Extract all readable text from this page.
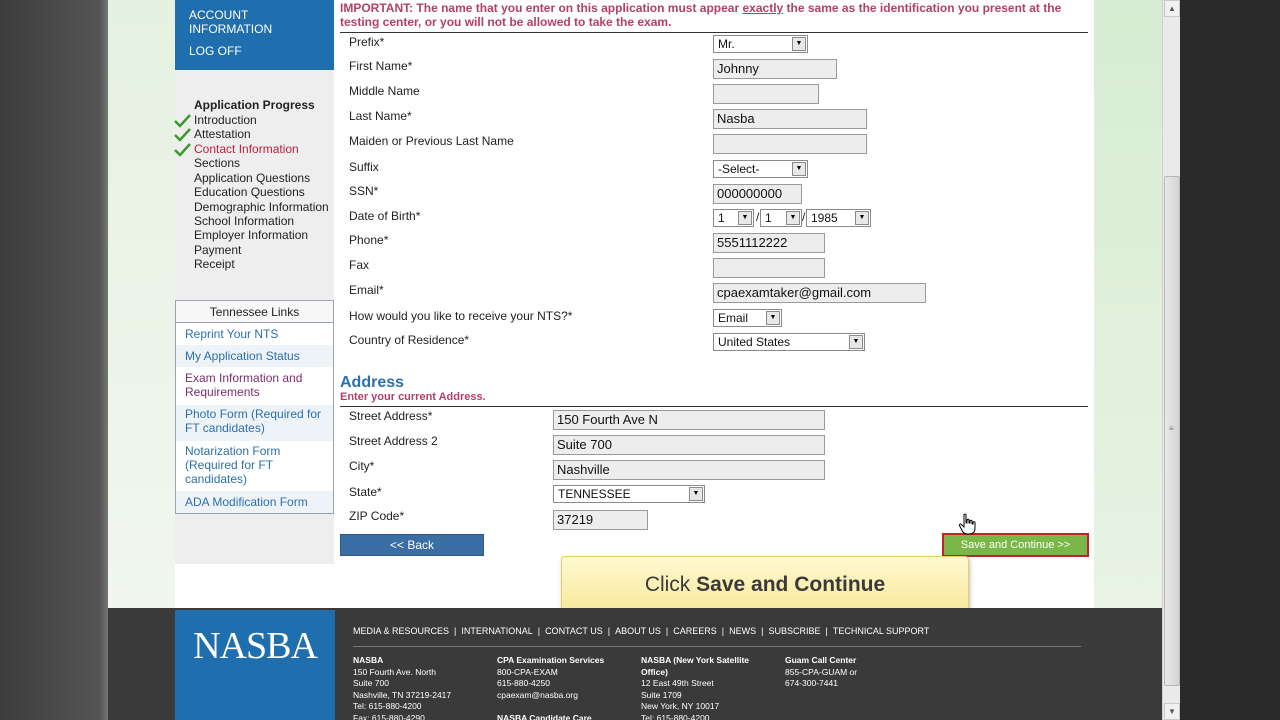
ACCOUNT INFORMATION
LOG OFF
Application Progress
Introduction
Attestation
Contact Information
Sections
Application Questions
Education Questions
Demographic Information
School Information
Employer Information
Payment
Receipt
Tennessee Links
Reprint Your NTS
My Application Status
Exam Information and Requirements
Photo Form (Required for FT candidates)
Notarization Form (Required for FT candidates)
ADA Modification Form
IMPORTANT: The name that you enter on this application must appear exactly the same as the identification you present at the testing center, or you will not be allowed to take the exam.
Prefix*	Mr.	▼
First Name*	Johnny
Middle Name
Last Name*	Nasba
Maiden or Previous Last Name
Suffix	-Select-	▼
SSN*	000000000
Date of Birth*	1	▼ / 1	▼ / 1985	▼
Phone*	5551112222
Fax
Email*	cpaexamtaker@gmail.com
How would you like to receive your NTS?*	Email	▼
Country of Residence*	United States	▼
Address
Enter your current Address.
Street Address*	150 Fourth Ave N
Street Address 2	Suite 700
City*	Nashville
State*	TENNESSEE	▼
ZIP Code*	37219
<< Back	Save and Continue >>
Click Save and Continue
▲
≡
▼
NASBA	MEDIA & RESOURCES | INTERNATIONAL | CONTACT US | ABOUT US | CAREERS | NEWS | SUBSCRIBE | TECHNICAL SUPPORT
NASBA
150 Fourth Ave. North
Suite 700
Nashville, TN 37219-2417
Tel: 615-880-4200
Fax: 615-880-4290
CPA Examination Services
800-CPA-EXAM
615-880-4250
cpaexam@nasba.org

NASBA Candidate Care
NASBA (New York Satellite Office)
12 East 49th Street
Suite 1709
New York, NY 10017
Tel: 615-880-4200
Guam Call Center
855-CPA-GUAM or
674-300-7441
